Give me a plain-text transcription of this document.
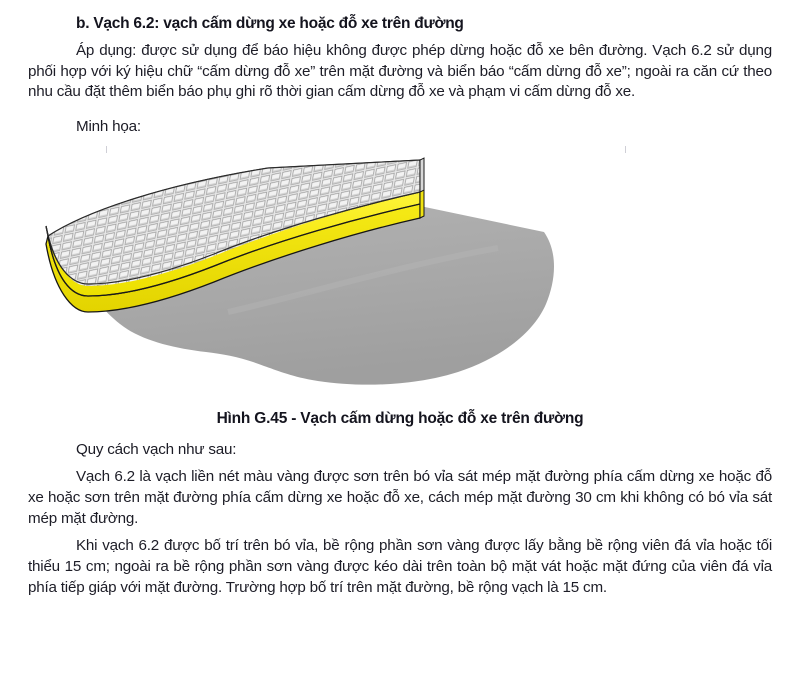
b. Vạch 6.2: vạch cấm dừng xe hoặc đỗ xe trên đường

Áp dụng: được sử dụng để báo hiệu không được phép dừng hoặc đỗ xe bên đường. Vạch 6.2 sử dụng phối hợp với ký hiệu chữ “cấm dừng đỗ xe” trên mặt đường và biển báo “cấm dừng đỗ xe”; ngoài ra căn cứ theo nhu cầu đặt thêm biển báo phụ ghi rõ thời gian cấm dừng đỗ xe và phạm vi cấm dừng đỗ xe.

Minh họa:

Hình G.45 - Vạch cấm dừng hoặc đỗ xe trên đường

Quy cách vạch như sau:

Vạch 6.2 là vạch liền nét màu vàng được sơn trên bó vỉa sát mép mặt đường phía cấm dừng xe hoặc đỗ xe hoặc sơn trên mặt đường phía cấm dừng xe hoặc đỗ xe, cách mép mặt đường 30 cm khi không có bó vỉa sát mép mặt đường.

Khi vạch 6.2 được bố trí trên bó vỉa, bề rộng phần sơn vàng được lấy bằng bề rộng viên đá vỉa hoặc tối thiểu 15 cm; ngoài ra bề rộng phần sơn vàng được kéo dài trên toàn bộ mặt vát hoặc mặt đứng của viên đá vỉa phía tiếp giáp với mặt đường. Trường hợp bố trí trên mặt đường, bề rộng vạch là 15 cm.
